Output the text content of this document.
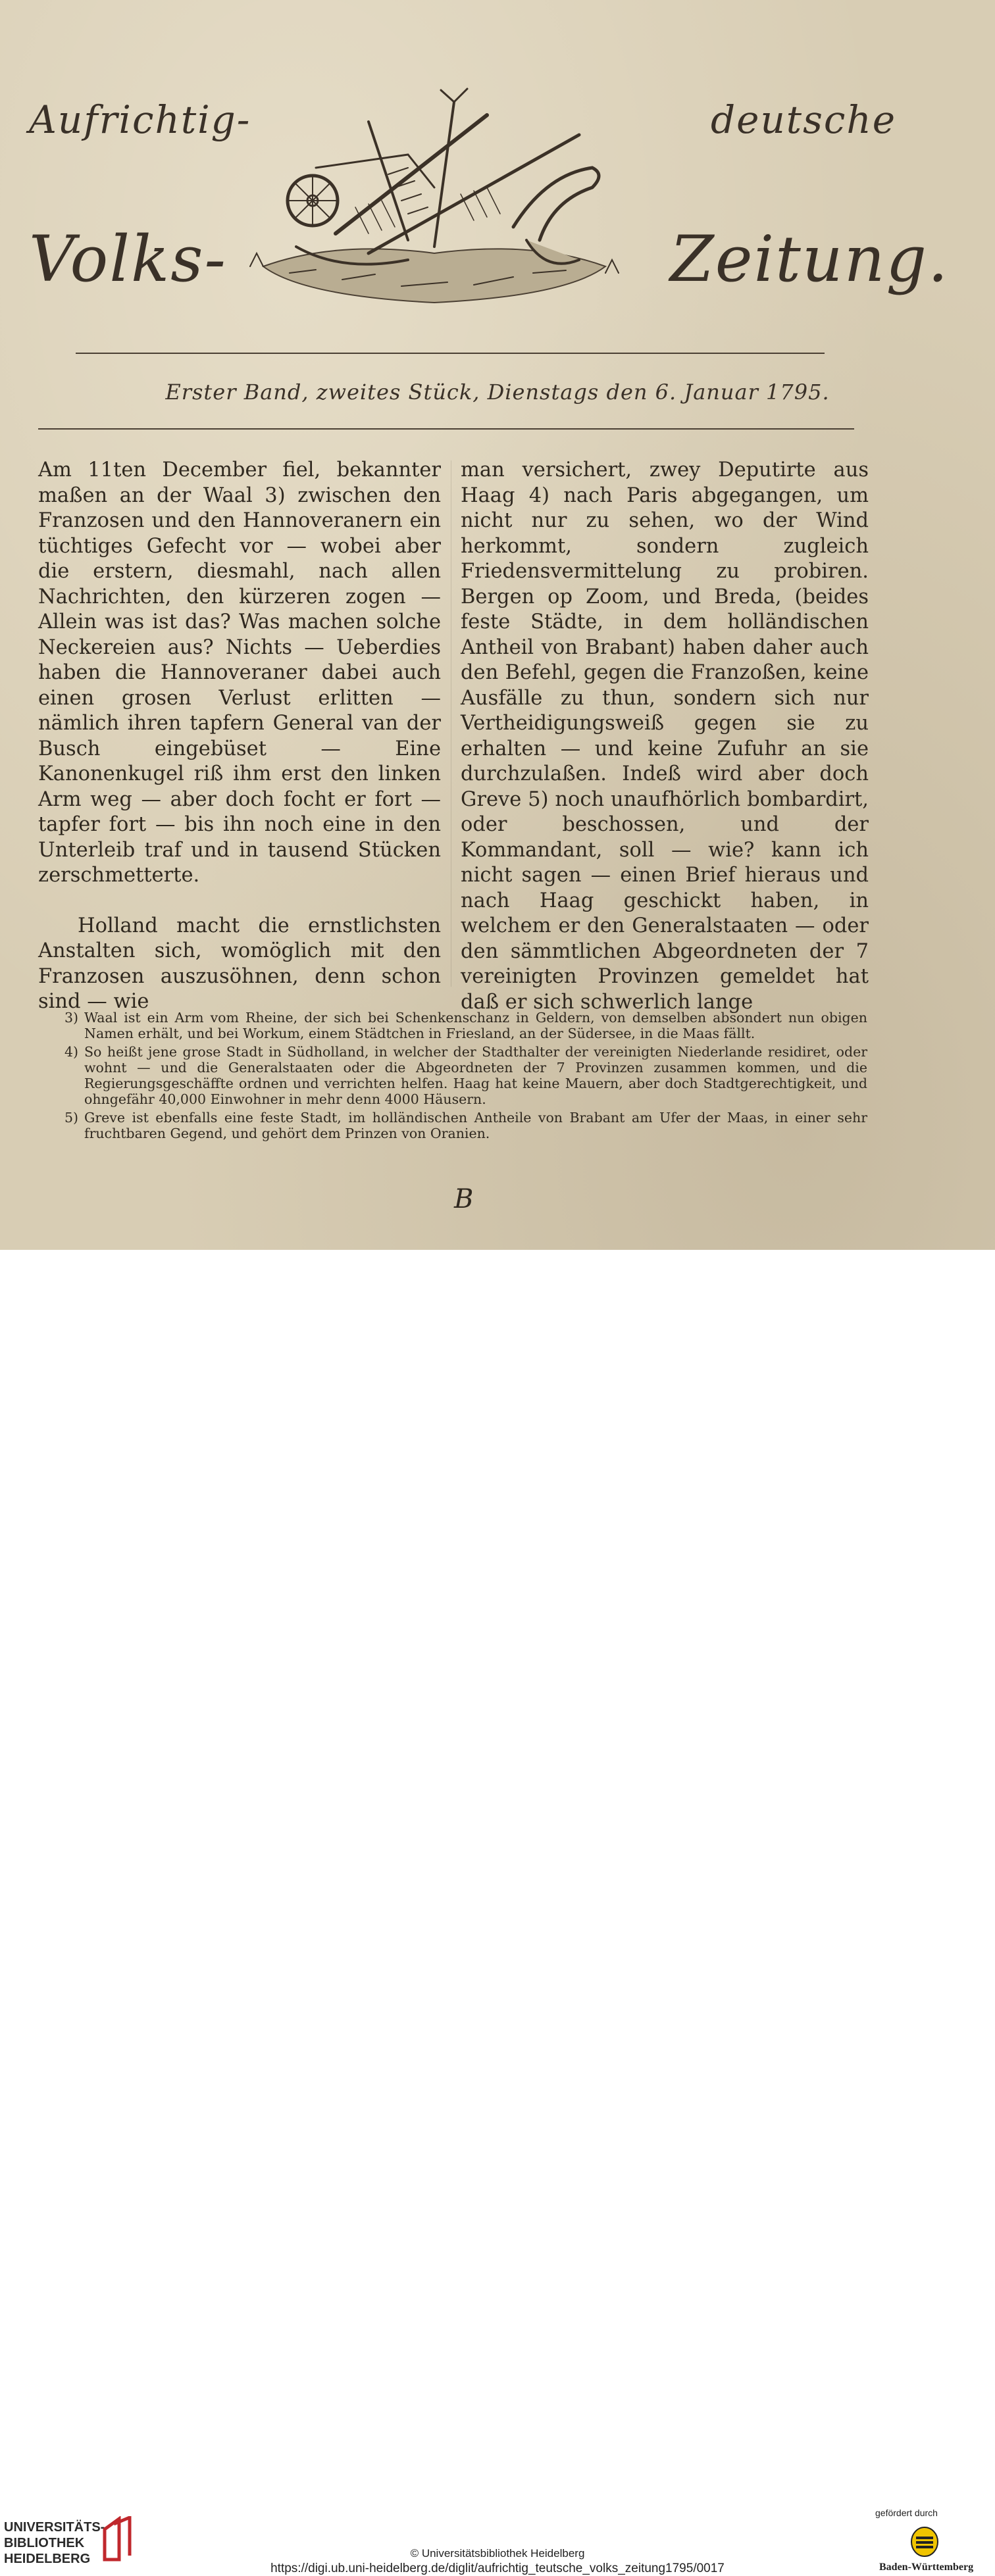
Aufrichtig-	deutsche
Volks-	Zeitung.
Erster Band, zweites Stück, Dienstags den 6. Januar 1795.

Am 11ten December fiel, bekannter maßen an der Waal 3) zwischen den Franzosen und den Hannoveranern ein tüchtiges Gefecht vor — wobei aber die erstern, diesmahl, nach allen Nachrichten, den kürzeren zogen — Allein was ist das? Was machen solche Neckereien aus? Nichts — Ueberdies haben die Hannoveraner dabei auch einen grosen Verlust erlitten — nämlich ihren tapfern General van der Busch eingebüset — Eine Kanonenkugel riß ihm erst den linken Arm weg — aber doch focht er fort — tapfer fort — bis ihn noch eine in den Unterleib traf und in tausend Stücken zerschmetterte.

Holland macht die ernstlichsten Anstalten sich, womöglich mit den Franzosen auszusöhnen, denn schon sind — wie

man versichert, zwey Deputirte aus Haag 4) nach Paris abgegangen, um nicht nur zu sehen, wo der Wind herkommt, sondern zugleich Friedensvermittelung zu probiren. Bergen op Zoom, und Breda, (beides feste Städte, in dem holländischen Antheil von Brabant) haben daher auch den Befehl, gegen die Franzoßen, keine Ausfälle zu thun, sondern sich nur Vertheidigungsweiß gegen sie zu erhalten — und keine Zufuhr an sie durchzulaßen. Indeß wird aber doch Greve 5) noch unaufhörlich bombardirt, oder beschossen, und der Kommandant, soll — wie? kann ich nicht sagen — einen Brief hieraus und nach Haag geschickt haben, in welchem er den Generalstaaten — oder den sämmtlichen Abgeordneten der 7 vereinigten Provinzen gemeldet hat daß er sich schwerlich lange

3) Waal ist ein Arm vom Rheine, der sich bei Schenkenschanz in Geldern, von demselben absondert nun obigen Namen erhält, und bei Workum, einem Städtchen in Friesland, an der Südersee, in die Maas fällt.
4) So heißt jene grose Stadt in Südholland, in welcher der Stadthalter der vereinigten Niederlande residiret, oder wohnt — und die Generalstaaten oder die Abgeordneten der 7 Provinzen zusammen kommen, und die Regierungsgeschäffte ordnen und verrichten helfen. Haag hat keine Mauern, aber doch Stadtgerechtigkeit, und ohngefähr 40,000 Einwohner in mehr denn 4000 Häusern.
5) Greve ist ebenfalls eine feste Stadt, im holländischen Antheile von Brabant am Ufer der Maas, in einer sehr fruchtbaren Gegend, und gehört dem Prinzen von Oranien.
B
UNIVERSITÄTS-
BIBLIOTHEK
HEIDELBERG	© Universitätsbibliothek Heidelberg
https://digi.ub.uni-heidelberg.de/diglit/aufrichtig_teutsche_volks_zeitung1795/0017
gefördert durch
Baden-Württemberg
